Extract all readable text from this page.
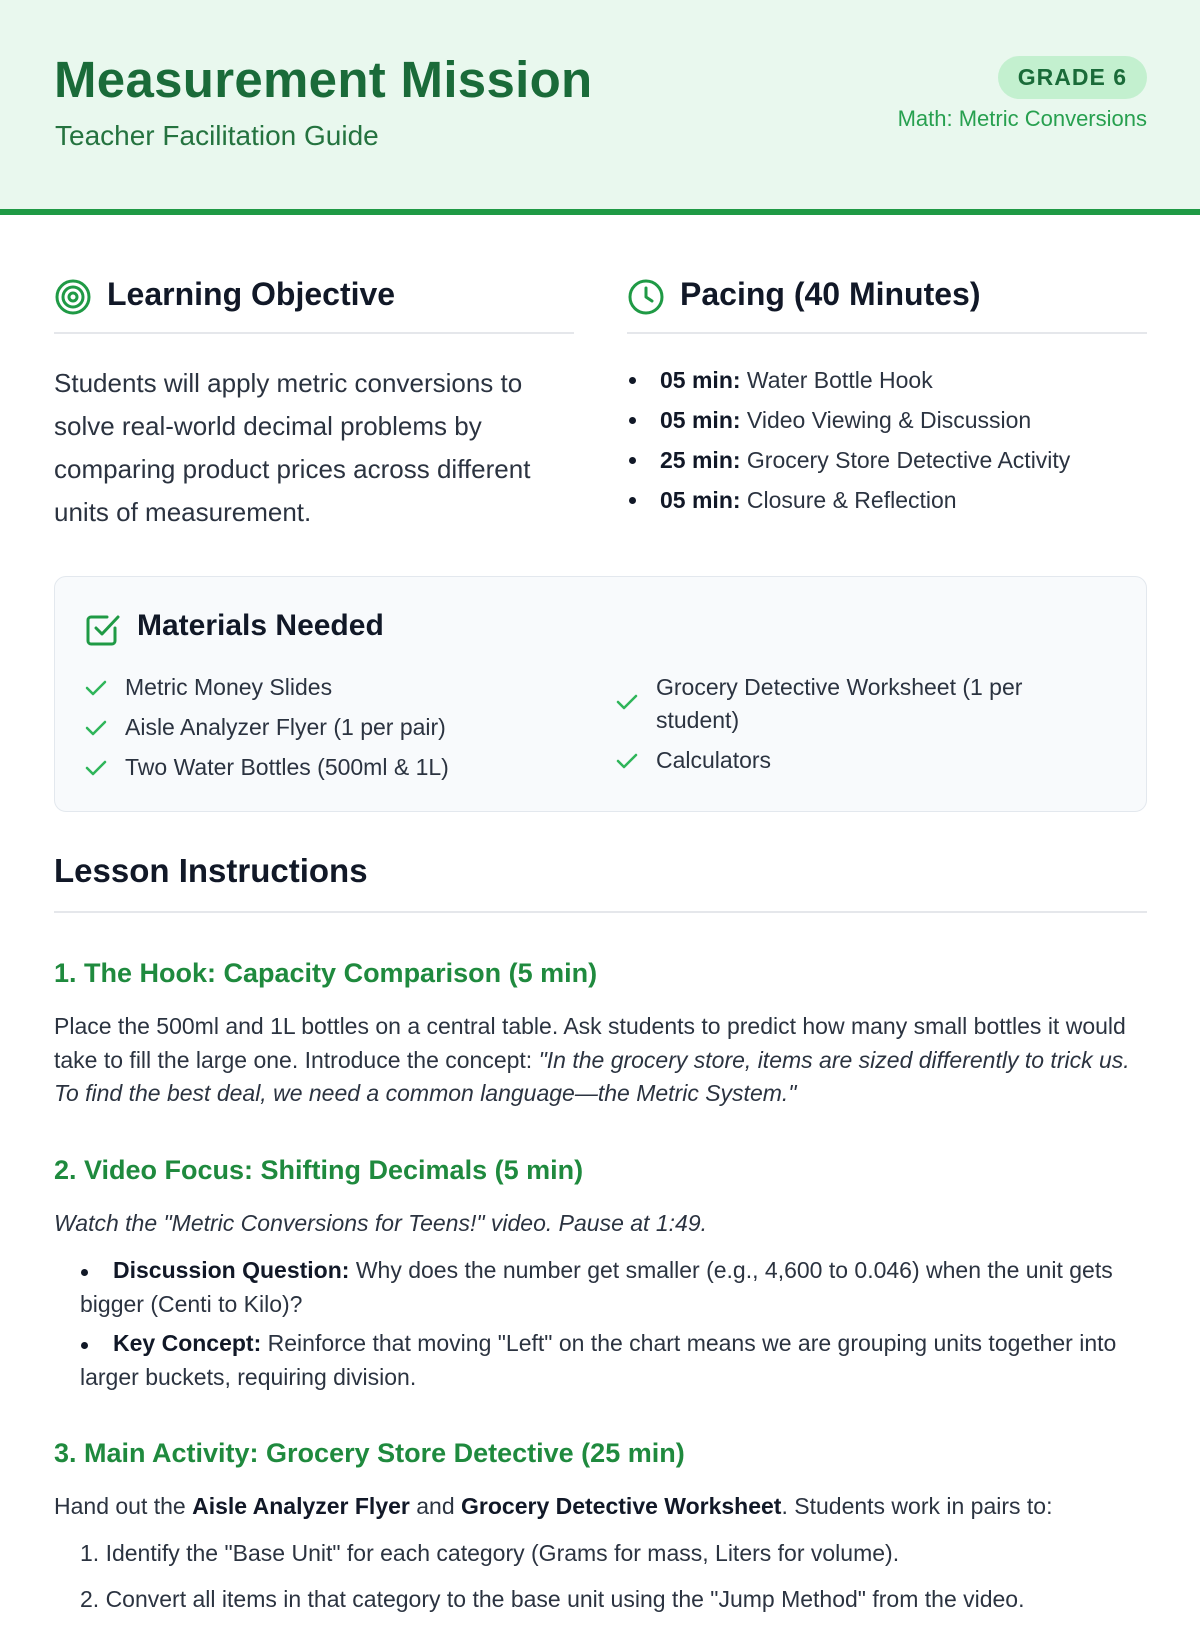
Measurement Mission

Teacher Facilitation Guide

GRADE 6
Math: Metric Conversions
Learning Objective

Students will apply metric conversions to solve real-world decimal problems by comparing product prices across different units of measurement.

Pacing (40 Minutes)
05 min: Water Bottle Hook
05 min: Video Viewing & Discussion
25 min: Grocery Store Detective Activity
05 min: Closure & Reflection
Materials Needed
Metric Money Slides
Aisle Analyzer Flyer (1 per pair)
Two Water Bottles (500ml & 1L)
Grocery Detective Worksheet (1 per student)
Calculators
Lesson Instructions
1. The Hook: Capacity Comparison (5 min)

Place the 500ml and 1L bottles on a central table. Ask students to predict how many small bottles it would take to fill the large one. Introduce the concept: "In the grocery store, items are sized differently to trick us. To find the best deal, we need a common language—the Metric System."

2. Video Focus: Shifting Decimals (5 min)

Watch the "Metric Conversions for Teens!" video. Pause at 1:49.

Discussion Question: Why does the number get smaller (e.g., 4,600 to 0.046) when the unit gets bigger (Centi to Kilo)?
Key Concept: Reinforce that moving "Left" on the chart means we are grouping units together into larger buckets, requiring division.
3. Main Activity: Grocery Store Detective (25 min)

Hand out the Aisle Analyzer Flyer and Grocery Detective Worksheet. Students work in pairs to:

1. Identify the "Base Unit" for each category (Grams for mass, Liters for volume).
2. Convert all items in that category to the base unit using the "Jump Method" from the video.
